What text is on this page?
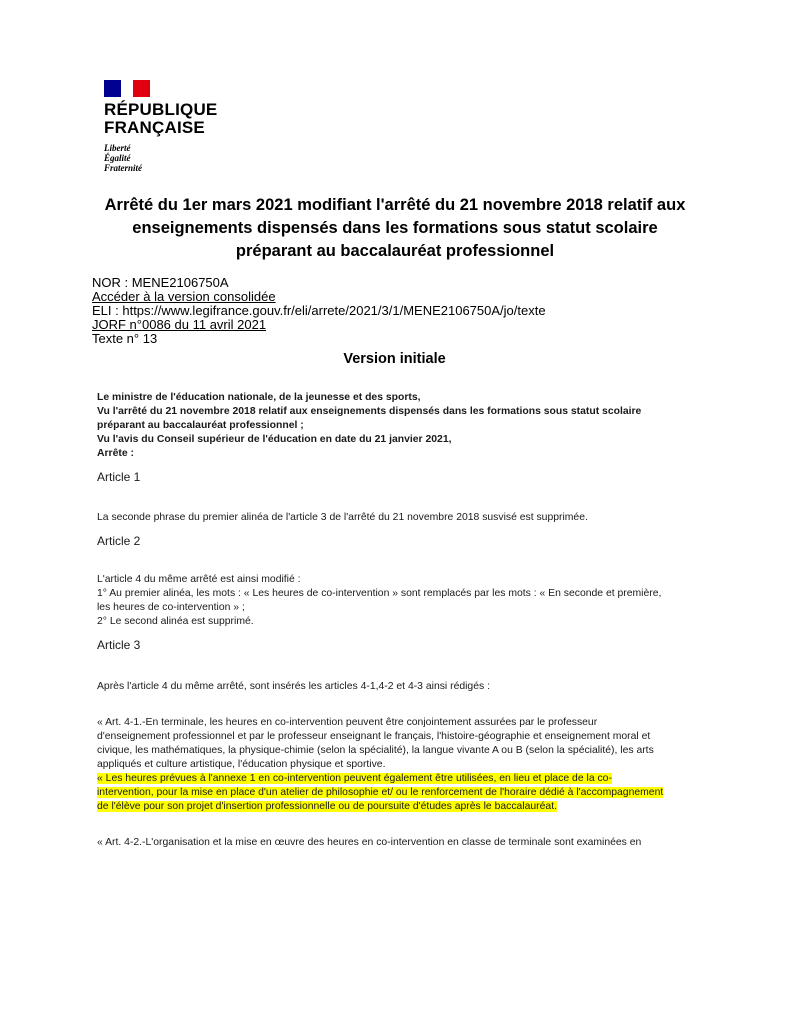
RÉPUBLIQUE
FRANÇAISE
Liberté
Égalité
Fraternité
Arrêté du 1er mars 2021 modifiant l'arrêté du 21 novembre 2018 relatif aux
enseignements dispensés dans les formations sous statut scolaire
préparant au baccalauréat professionnel
NOR : MENE2106750A
Accéder à la version consolidée
ELI : https://www.legifrance.gouv.fr/eli/arrete/2021/3/1/MENE2106750A/jo/texte
JORF n°0086 du 11 avril 2021
Texte n° 13
Version initiale
Le ministre de l'éducation nationale, de la jeunesse et des sports,
Vu l'arrêté du 21 novembre 2018 relatif aux enseignements dispensés dans les formations sous statut scolaire
préparant au baccalauréat professionnel ;
Vu l'avis du Conseil supérieur de l'éducation en date du 21 janvier 2021,
Arrête :
Article 1
La seconde phrase du premier alinéa de l'article 3 de l'arrêté du 21 novembre 2018 susvisé est supprimée.
Article 2
L'article 4 du même arrêté est ainsi modifié :
1° Au premier alinéa, les mots : « Les heures de co-intervention » sont remplacés par les mots : « En seconde et première,
les heures de co-intervention » ;
2° Le second alinéa est supprimé.
Article 3
Après l'article 4 du même arrêté, sont insérés les articles 4-1,4-2 et 4-3 ainsi rédigés :
« Art. 4-1.-En terminale, les heures en co-intervention peuvent être conjointement assurées par le professeur
d'enseignement professionnel et par le professeur enseignant le français, l'histoire-géographie et enseignement moral et
civique, les mathématiques, la physique-chimie (selon la spécialité), la langue vivante A ou B (selon la spécialité), les arts
appliqués et culture artistique, l'éducation physique et sportive.
« Les heures prévues à l'annexe 1 en co-intervention peuvent également être utilisées, en lieu et place de la co-
intervention, pour la mise en place d'un atelier de philosophie et/ ou le renforcement de l'horaire dédié à l'accompagnement
de l'élève pour son projet d'insertion professionnelle ou de poursuite d'études après le baccalauréat.
« Art. 4-2.-L'organisation et la mise en œuvre des heures en co-intervention en classe de terminale sont examinées en
